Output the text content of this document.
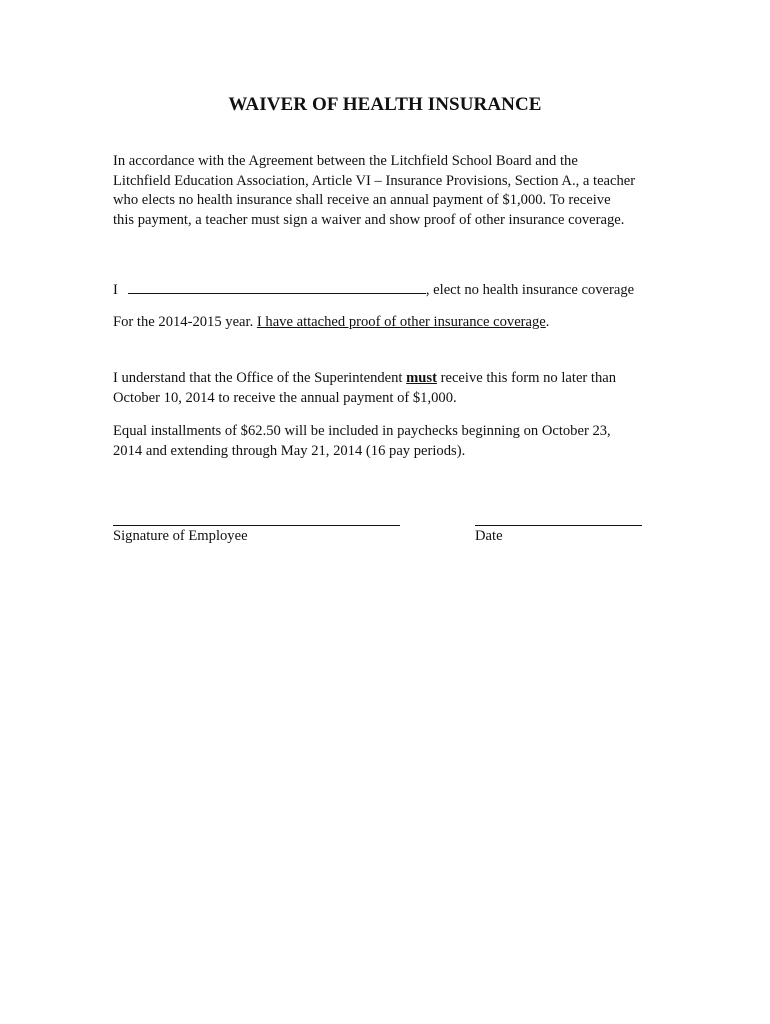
WAIVER OF HEALTH INSURANCE
In accordance with the Agreement between the Litchfield School Board and the
Litchfield Education Association, Article VI – Insurance Provisions, Section A., a teacher
who elects no health insurance shall receive an annual payment of $1,000. To receive
this payment, a teacher must sign a waiver and show proof of other insurance coverage.
I	, elect no health insurance coverage
For the 2014-2015 year. I have attached proof of other insurance coverage.
I understand that the Office of the Superintendent must receive this form no later than
October 10, 2014 to receive the annual payment of $1,000.
Equal installments of $62.50 will be included in paychecks beginning on October 23,
2014 and extending through May 21, 2014 (16 pay periods).
Signature of Employee	Date
